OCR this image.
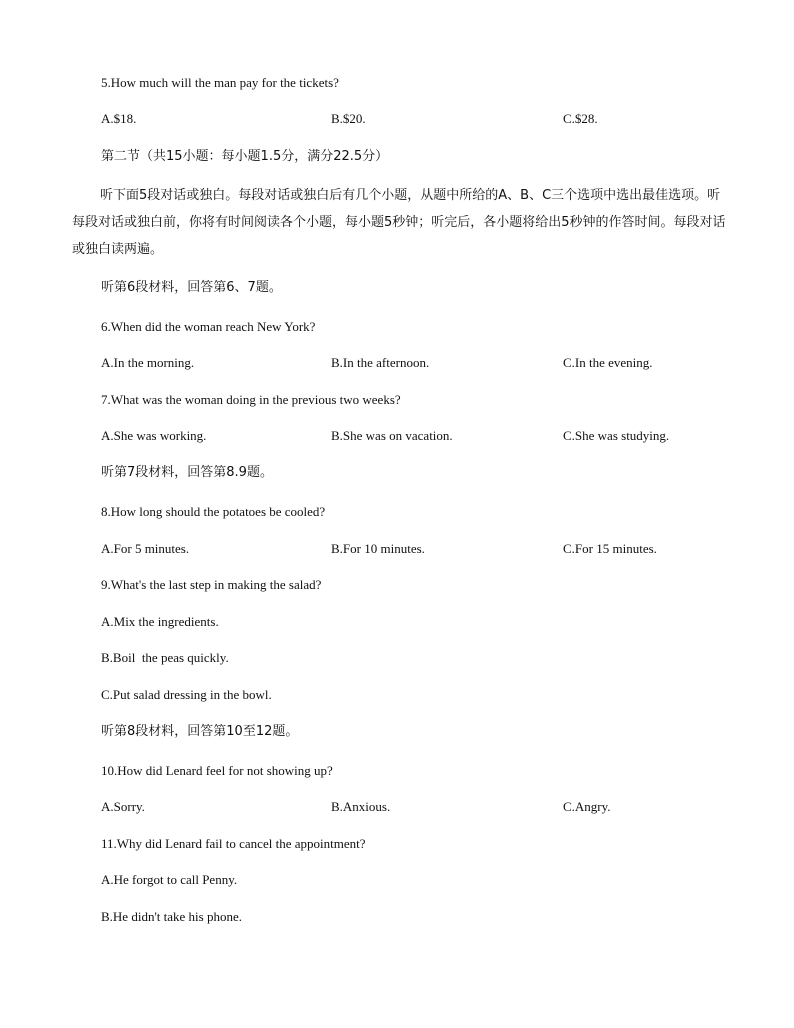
5.How much will the man pay for the tickets?
A.$18.	B.$20.	C.$28.
第二节（共15小题：每小题1.5分，满分22.5分）
听下面5段对话或独白。每段对话或独白后有几个小题，从题中所给的A、B、C三个选项中选出最佳选项。听每段对话或独白前，你将有时间阅读各个小题，每小题5秒钟；听完后，各小题将给出5秒钟的作答时间。每段对话或独白读两遍。
听第6段材料，回答第6、7题。
6.When did the woman reach New York?
A.In the morning.	B.In the afternoon.	C.In the evening.
7.What was the woman doing in the previous two weeks?
A.She was working.	B.She was on vacation.	C.She was studying.
听第7段材料，回答第8.9题。
8.How long should the potatoes be cooled?
A.For 5 minutes.	B.For 10 minutes.	C.For 15 minutes.
9.What's the last step in making the salad?
A.Mix the ingredients.
B.Boil  the peas quickly.
C.Put salad dressing in the bowl.
听第8段材料，回答第10至12题。
10.How did Lenard feel for not showing up?
A.Sorry.	B.Anxious.	C.Angry.
11.Why did Lenard fail to cancel the appointment?
A.He forgot to call Penny.
B.He didn't take his phone.
